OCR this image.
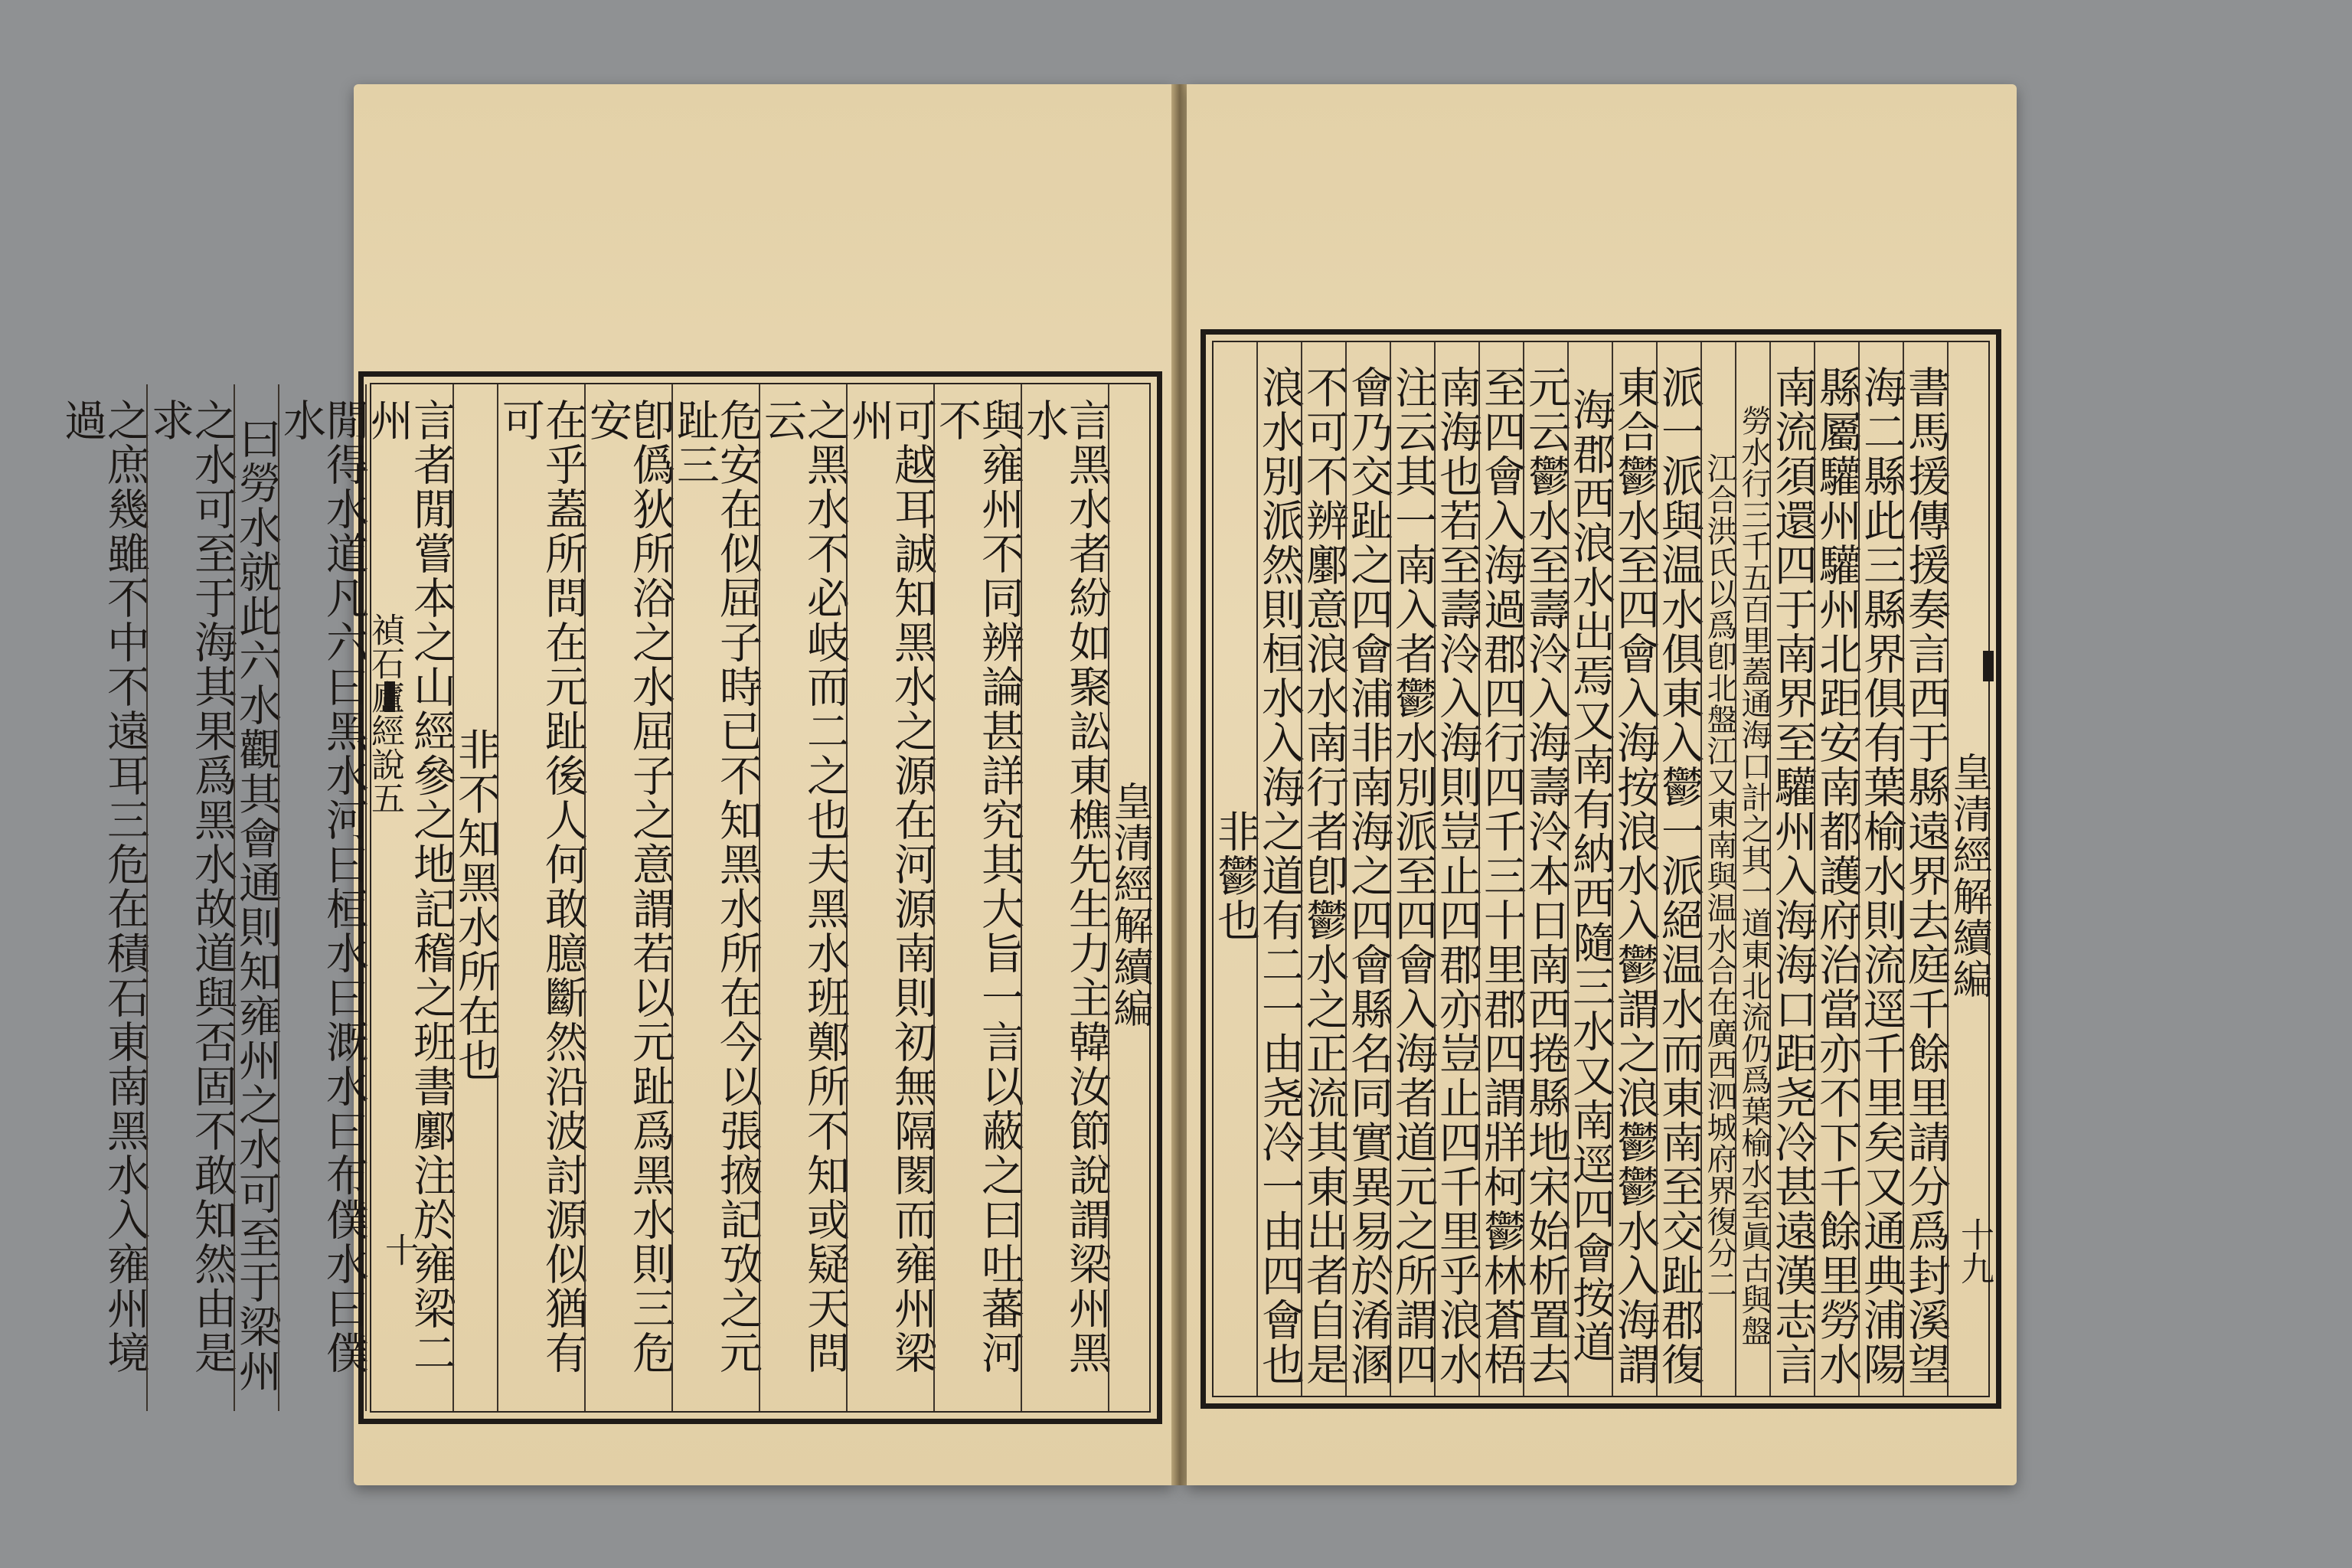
皇清經解續編
言黑水者紛如聚訟東樵先生力主韓汝節說謂梁州黑水
與雍州不同辨論甚詳究其大旨一言以蔽之曰吐蕃河不
可越耳誠知黑水之源在河源南則初無隔閡而雍州梁州
之黑水不必岐而二之也夫黑水班鄭所不知或疑天問云
危安在似屈子時已不知黑水所在今以張掖記攷之元趾三
卽僞狄所浴之水屈子之意謂若以元趾爲黑水則三危安
在乎蓋所問在元趾後人何敢臆斷然沿波討源似猶有可
非不知黑水所在也
言者閒嘗本之山經參之地記稽之班書鄽注於雍梁二州
閒得水道凡六曰黑水河曰桓水曰溉水曰布僕水曰僕水
曰勞水就此六水觀其會通則知雍州之水可至于梁州
之水可至于海其果爲黑水故道與否固不敢知然由是求
之庶幾雖不中不遠耳三危在積石東南黑水入雍州境過
十
皇清經解續編
書馬援傳援奏言西于縣遠界去庭千餘里請分爲封溪望
海二縣此三縣界俱有葉榆水則流逕千里矣又通典浦陽
縣屬驩州驩州北距安南都護府治當亦不下千餘里勞水
南流須還四于南界至驩州入海海口距尧冷甚遠漢志言
勞水行三千五百里蓋通海口計之其一道東北流仍爲葉榆水至眞古與盤
江合洪氏以爲卽北盤江又東南與温水合在廣西泗城府界復分二
派一派與温水俱東入鬱一派絕温水而東南至交趾郡復
東合鬱水至四會入海按浪水入鬱謂之浪鬱鬱水入海謂
海郡西浪水出焉又南有納西隨三水又南逕四會按道
元云鬱水至壽泠入海壽泠本日南西捲縣地宋始析置去
至四會入海過郡四行四千三十里郡四謂牂柯鬱林蒼梧
南海也若至壽泠入海則豈止四郡亦豈止四千里乎浪水
注云其一南入者鬱水別派至四會入海者道元之所謂四
會乃交趾之四會浦非南海之四會縣名同實異易於淆溷
不可不辨鄽意浪水南行者卽鬱水之正流其東出者自是
浪水別派然則桓水入海之道有二一由尧冷一由四會也
非鬱也
十九
禎石廬經說五
